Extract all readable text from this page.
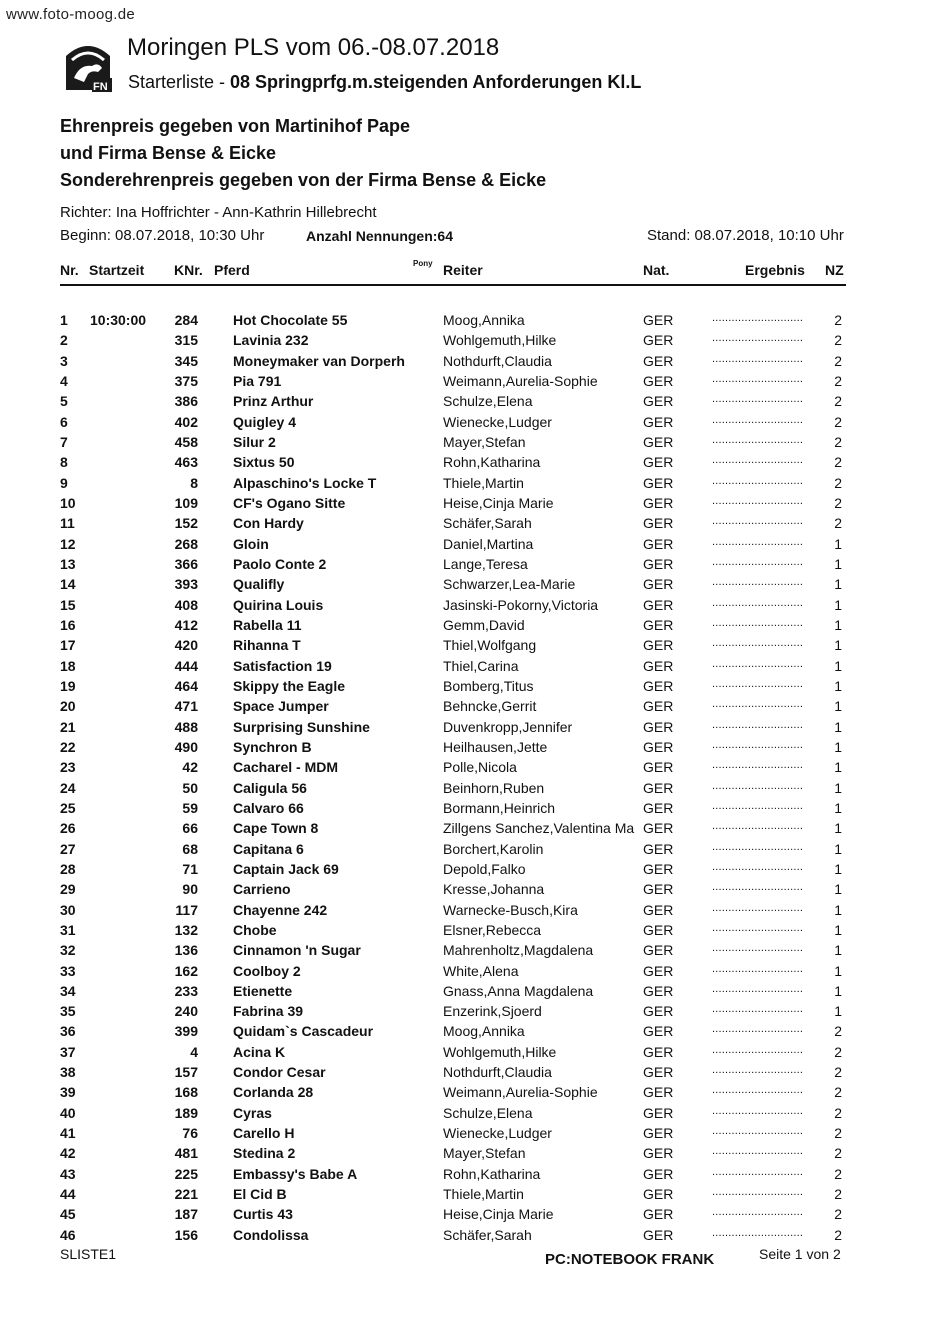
www.foto-moog.de
FN
Moringen PLS vom 06.-08.07.2018
Starterliste - 08 Springprfg.m.steigenden Anforderungen Kl.L
Ehrenpreis gegeben von Martinihof Pape
und Firma Bense & Eicke
Sonderehrenpreis gegeben von der Firma Bense & Eicke
Richter: Ina Hoffrichter - Ann-Kathrin Hillebrecht
Beginn: 08.07.2018, 10:30 Uhr	Anzahl Nennungen:64	Stand: 08.07.2018, 10:10 Uhr
Nr. Startzeit KNr. Pferd	Pony Reiter	Nat.	Ergebnis NZ
1	10:30:00	284	Hot Chocolate 55	Moog,Annika	GER	............................	2
2	315	Lavinia 232	Wohlgemuth,Hilke	GER	............................	2
3	345	Moneymaker van Dorperh	Nothdurft,Claudia	GER	............................	2
4	375	Pia 791	Weimann,Aurelia-Sophie	GER	............................	2
5	386	Prinz Arthur	Schulze,Elena	GER	............................	2
6	402	Quigley 4	Wienecke,Ludger	GER	............................	2
7	458	Silur 2	Mayer,Stefan	GER	............................	2
8	463	Sixtus 50	Rohn,Katharina	GER	............................	2
9	8	Alpaschino's Locke T	Thiele,Martin	GER	............................	2
10	109	CF's Ogano Sitte	Heise,Cinja Marie	GER	............................	2
11	152	Con Hardy	Schäfer,Sarah	GER	............................	2
12	268	Gloin	Daniel,Martina	GER	............................	1
13	366	Paolo Conte 2	Lange,Teresa	GER	............................	1
14	393	Qualifly	Schwarzer,Lea-Marie	GER	............................	1
15	408	Quirina Louis	Jasinski-Pokorny,Victoria	GER	............................	1
16	412	Rabella 11	Gemm,David	GER	............................	1
17	420	Rihanna T	Thiel,Wolfgang	GER	............................	1
18	444	Satisfaction 19	Thiel,Carina	GER	............................	1
19	464	Skippy the Eagle	Bomberg,Titus	GER	............................	1
20	471	Space Jumper	Behncke,Gerrit	GER	............................	1
21	488	Surprising Sunshine	Duvenkropp,Jennifer	GER	............................	1
22	490	Synchron B	Heilhausen,Jette	GER	............................	1
23	42	Cacharel - MDM	Polle,Nicola	GER	............................	1
24	50	Caligula 56	Beinhorn,Ruben	GER	............................	1
25	59	Calvaro 66	Bormann,Heinrich	GER	............................	1
26	66	Cape Town 8	Zillgens Sanchez,Valentina Ma GER	............................	1
27	68	Capitana 6	Borchert,Karolin	GER	............................	1
28	71	Captain Jack 69	Depold,Falko	GER	............................	1
29	90	Carrieno	Kresse,Johanna	GER	............................	1
30	117	Chayenne 242	Warnecke-Busch,Kira	GER	............................	1
31	132	Chobe	Elsner,Rebecca	GER	............................	1
32	136	Cinnamon 'n Sugar	Mahrenholtz,Magdalena	GER	............................	1
33	162	Coolboy 2	White,Alena	GER	............................	1
34	233	Etienette	Gnass,Anna Magdalena	GER	............................	1
35	240	Fabrina 39	Enzerink,Sjoerd	GER	............................	1
36	399	Quidam`s Cascadeur	Moog,Annika	GER	............................	2
37	4	Acina K	Wohlgemuth,Hilke	GER	............................	2
38	157	Condor Cesar	Nothdurft,Claudia	GER	............................	2
39	168	Corlanda 28	Weimann,Aurelia-Sophie	GER	............................	2
40	189	Cyras	Schulze,Elena	GER	............................	2
41	76	Carello H	Wienecke,Ludger	GER	............................	2
42	481	Stedina 2	Mayer,Stefan	GER	............................	2
43	225	Embassy's Babe A	Rohn,Katharina	GER	............................	2
44	221	El Cid B	Thiele,Martin	GER	............................	2
45	187	Curtis 43	Heise,Cinja Marie	GER	............................	2
46	156	Condolissa	Schäfer,Sarah	GER	............................	2
SLISTE1	PC:NOTEBOOK FRANK	Seite 1 von 2
